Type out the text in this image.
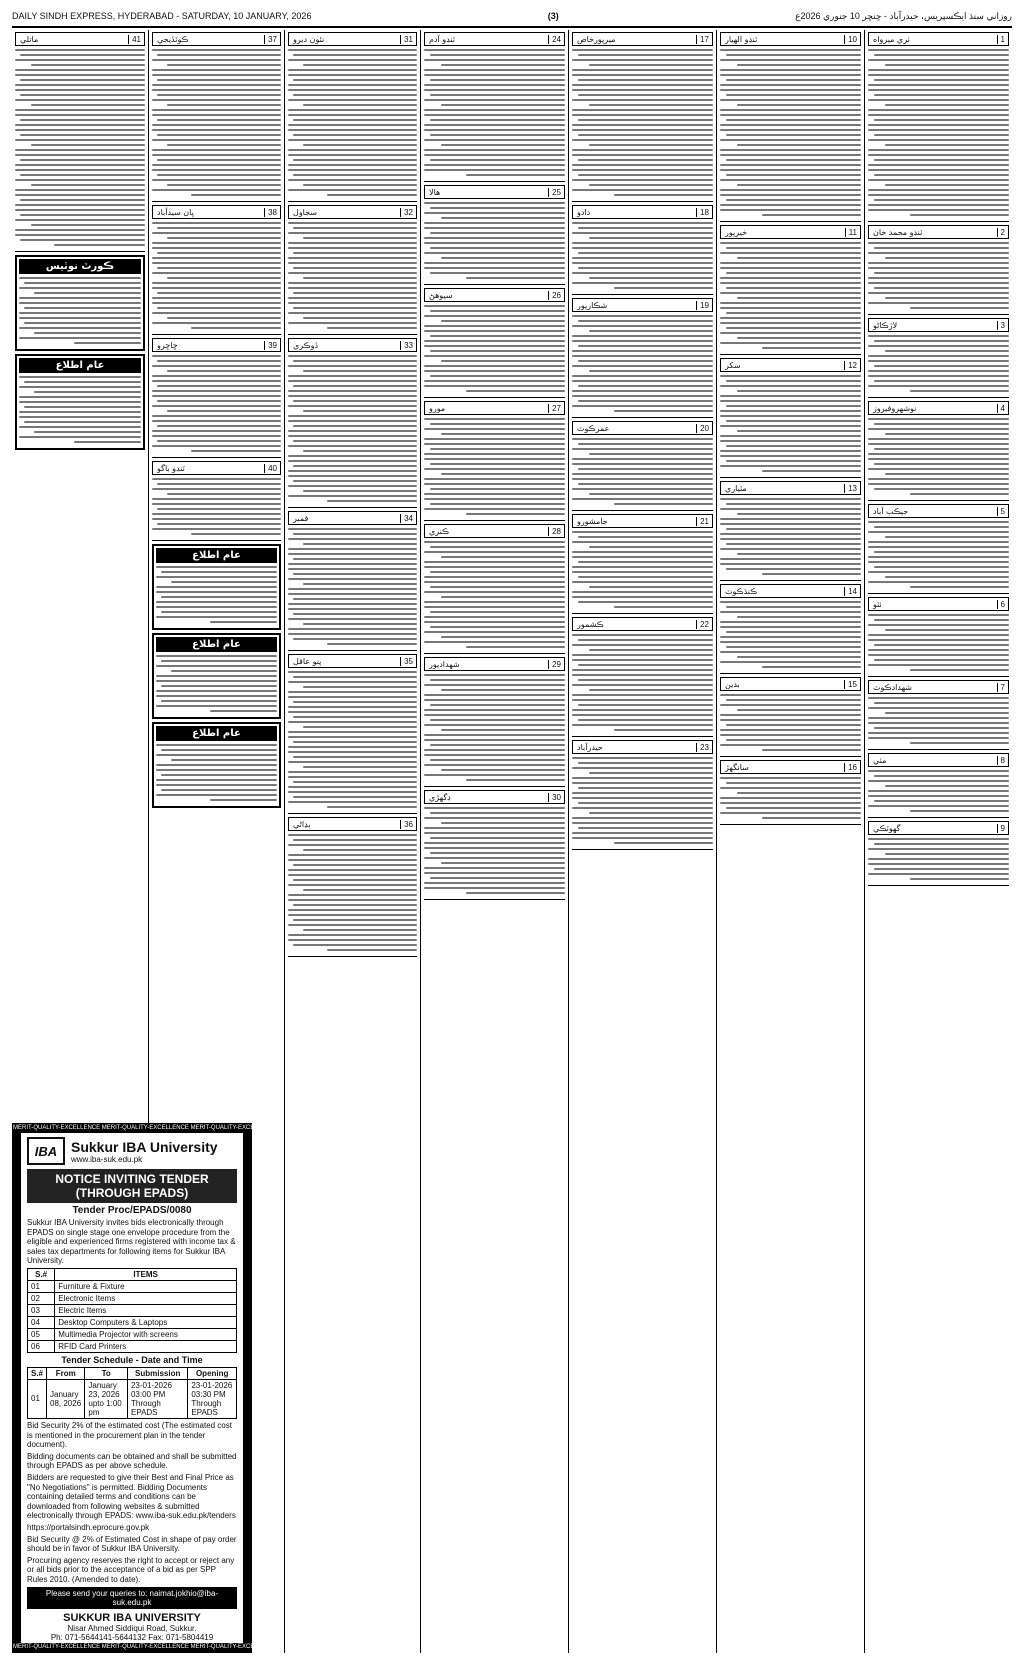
DAILY SINDH EXPRESS, HYDERABAD - SATURDAY, 10 JANUARY, 2026	(3)	روزاني سنڌ ايڪسپريس، حيدرآباد - ڇنڇر 10 جنوري 2026ع
1
ٺري ميرواه
2
ٽنڊو محمد خان
3
لاڙڪاڻو
4
نوشهروفيروز
5
جيڪب آباد
6
ٺٽو
7
شهدادڪوٽ
8
مٺي
9
گهوٽڪي
10
ٽنڊو الهيار
11
خيرپور
12
سکر
13
مٽياري
14
ڪنڌڪوٽ
15
بدين
16
سانگهڙ
17
ميرپورخاص
18
دادو
19
شڪارپور
20
عمرڪوٽ
21
جامشورو
22
ڪشمور
23
حيدرآباد
24
ٽنڊو آدم
25
هالا
26
سيوهڻ
27
مورو
28
ڪنري
29
شهدادپور
30
ڊگهڙي
31
نئون ديرو
32
سجاول
33
ڏوڪري
34
قمبر
35
پنو عاقل
36
ٻڍاڻي
37
ڪوٽڏيجي
38
ڀان سيدآباد
39
ڇاڇرو
40
ٽنڊو باگو
عام اطلاع
عام اطلاع
عام اطلاع
41
ماتلي
ڪورٽ نوٽيس
عام اطلاع
MERIT-QUALITY-EXCELLENCE MERIT-QUALITY-EXCELLENCE MERIT-QUALITY-EXCELLENCE
IBA Sukkur IBA University
www.iba-suk.edu.pk
NOTICE INVITING TENDER (THROUGH EPADS)
Tender Proc/EPADS/0080

Sukkur IBA University invites bids electronically through EPADS on single stage one envelope procedure from the eligible and experienced firms registered with income tax & sales tax departments for following items for Sukkur IBA University.

S.#	ITEMS
01	Furniture & Fixture
02	Electronic Items
03	Electric Items
04	Desktop Computers & Laptops
05	Multimedia Projector with screens
06	RFID Card Printers
Tender Schedule - Date and Time
S.#	From	To	Submission	Opening
01	January 08, 2026	January 23, 2026 upto 1:00 pm	23-01-2026 03:00 PM Through EPADS	23-01-2026 03:30 PM Through EPADS

Bid Security 2% of the estimated cost (The estimated cost is mentioned in the procurement plan in the tender document).

Bidding documents can be obtained and shall be submitted through EPADS as per above schedule.

Bidders are requested to give their Best and Final Price as "No Negotiations" is permitted. Bidding Documents containing detailed terms and conditions can be downloaded from following websites & submitted electronically through EPADS: www.iba-suk.edu.pk/tenders

https://portalsindh.eprocure.gov.pk

Bid Security @ 2% of Estimated Cost in shape of pay order should be in favor of Sukkur IBA University.

Procuring agency reserves the right to accept or reject any or all bids prior to the acceptance of a bid as per SPP Rules 2010. (Amended to date).

Please send your queries to: naimat.jokhio@iba-suk.edu.pk
SUKKUR IBA UNIVERSITY
Nisar Ahmed Siddiqui Road, Sukkur.
Ph: 071-5644141-5644132 Fax: 071-5804419
MERIT-QUALITY-EXCELLENCE MERIT-QUALITY-EXCELLENCE MERIT-QUALITY-EXCELLENCE
